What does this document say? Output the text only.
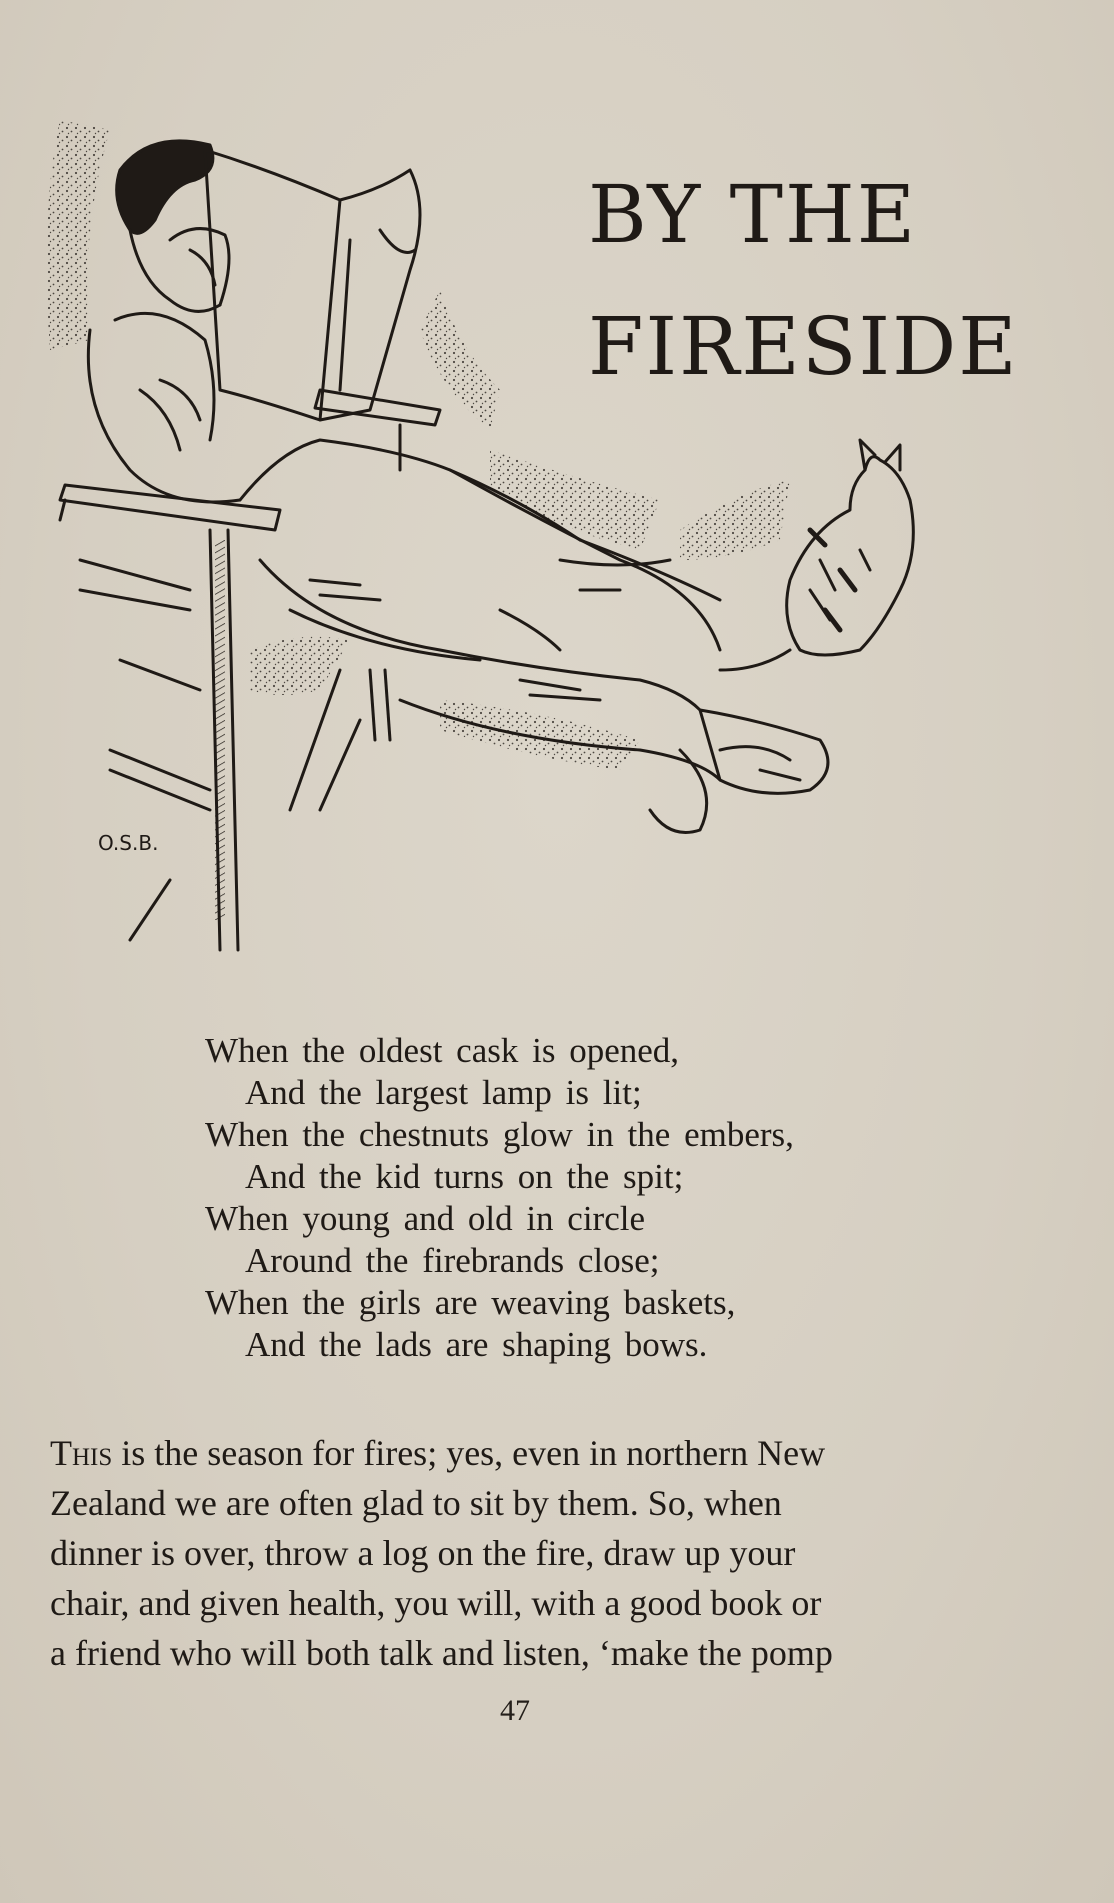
O.S.B.
BY THE
FIRESIDE
When the oldest cask is opened,
And the largest lamp is lit;
When the chestnuts glow in the embers,
And the kid turns on the spit;
When young and old in circle
Around the firebrands close;
When the girls are weaving baskets,
And the lads are shaping bows.
This is the season for fires; yes, even in northern New
Zealand we are often glad to sit by them. So, when
dinner is over, throw a log on the fire, draw up your
chair, and given health, you will, with a good book or
a friend who will both talk and listen, ‘make the pomp
47
